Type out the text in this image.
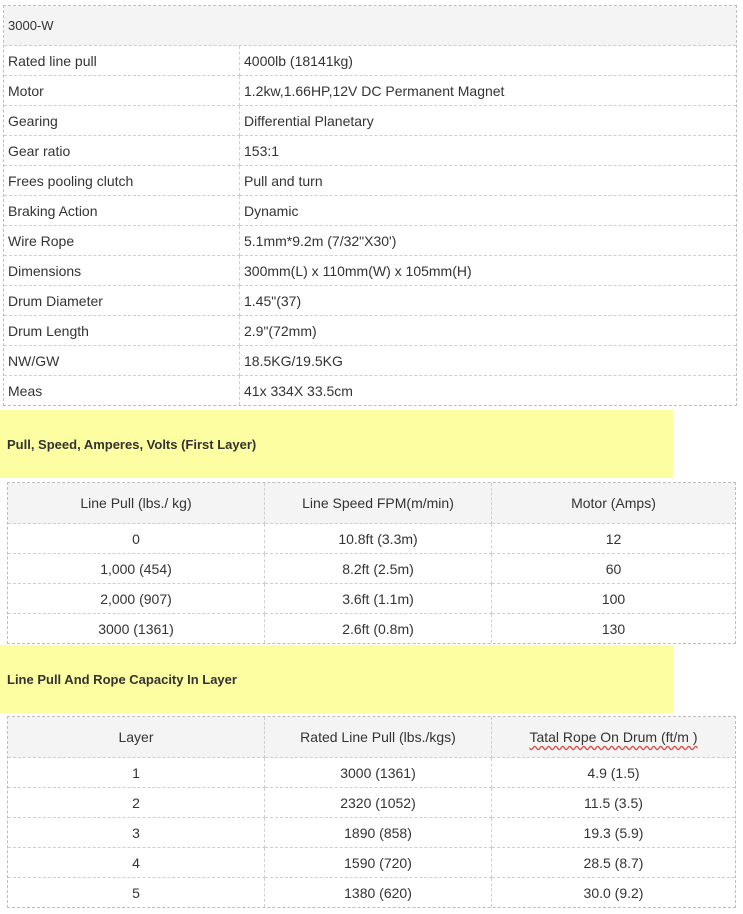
3000-W	
Rated line pull	4000lb (18141kg)
Motor	1.2kw,1.66HP,12V DC Permanent Magnet
Gearing	Differential Planetary
Gear ratio	153:1
Frees pooling clutch	Pull and turn
Braking Action	Dynamic
Wire Rope	5.1mm*9.2m (7/32"X30')
Dimensions	300mm(L) x 110mm(W) x 105mm(H)
Drum Diameter	1.45"(37)
Drum Length	2.9"(72mm)
NW/GW	18.5KG/19.5KG
Meas	41x 334X 33.5cm
Pull, Speed, Amperes, Volts (First Layer)
Line Pull (lbs./ kg)	Line Speed FPM(m/min)	Motor (Amps)
0	10.8ft (3.3m)	12
1,000 (454)	8.2ft (2.5m)	60
2,000 (907)	3.6ft (1.1m)	100
3000 (1361)	2.6ft (0.8m)	130
Line Pull And Rope Capacity In Layer
Layer	Rated Line Pull (lbs./kgs)	Tatal Rope On Drum (ft/m )
1	3000 (1361)	4.9 (1.5)
2	2320 (1052)	11.5 (3.5)
3	1890 (858)	19.3 (5.9)
4	1590 (720)	28.5 (8.7)
5	1380 (620)	30.0 (9.2)
